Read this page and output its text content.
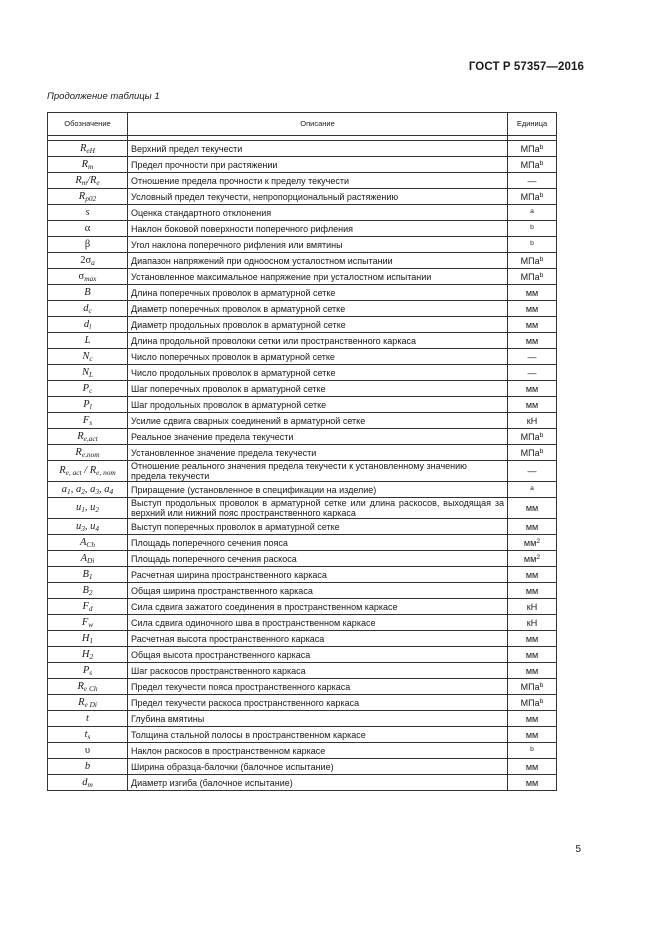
ГОСТ Р 57357—2016
Продолжение таблицы 1
Обозначение	Описание	Единица

$R_{eH}$	Верхний предел текучести	МПа$^b$
$R_m$	Предел прочности при растяжении	МПа$^b$
$R_m/R_e$	Отношение предела прочности к пределу текучести	—
$R_{p02}$	Условный предел текучести, непропорциональный растяжению	МПа$^b$
s	Оценка стандартного отклонения	$^a$
α	Наклон боковой поверхности поперечного рифления	$^b$
β	Угол наклона поперечного рифления или вмятины	$^b$
$2\sigma_a$	Диапазон напряжений при одноосном усталостном испытании	МПа$^b$
$\sigma_{max}$	Установленное максимальное напряжение при усталостном испытании	МПа$^b$
B	Длина поперечных проволок в арматурной сетке	мм
$d_c$	Диаметр поперечных проволок в арматурной сетке	мм
$d_l$	Диаметр продольных проволок в арматурной сетке	мм
L	Длина продольной проволоки сетки или пространственного каркаса	мм
$N_c$	Число поперечных проволок в арматурной сетке	—
$N_L$	Число продольных проволок в арматурной сетке	—
$P_c$	Шаг поперечных проволок в арматурной сетке	мм
$P_l$	Шаг продольных проволок в арматурной сетке	мм
$F_s$	Усилие сдвига сварных соединений в арматурной сетке	кН
$R_{e,act}$	Реальное значение предела текучести	МПа$^b$
$R_{e,nom}$	Установленное значение предела текучести	МПа$^b$
$R_{e, act} / R_{e, nom}$	Отношение реального значения предела текучести к установленному значению предела текучести	—
$a_1$, $a_2$, $a_3$, $a_4$	Приращение (установленное в спецификации на изделие)	$^a$
$u_1$, $u_2$	Выступ продольных проволок в арматурной сетке или длина раскосов, выходящая за верхний или нижний пояс пространственного каркаса	мм
$u_3$, $u_4$	Выступ поперечных проволок в арматурной сетке	мм
$A_{Ch}$	Площадь поперечного сечения пояса	$мм^2$
$A_{Di}$	Площадь поперечного сечения раскоса	$мм^2$
$B_1$	Расчетная ширина пространственного каркаса	мм
$B_2$	Общая ширина пространственного каркаса	мм
$F_d$	Сила сдвига зажатого соединения в пространственном каркасе	кН
$F_w$	Сила сдвига одиночного шва в пространственном каркасе	кН
$H_1$	Расчетная высота пространственного каркаса	мм
$H_2$	Общая высота пространственного каркаса	мм
$P_s$	Шаг раскосов пространственного каркаса	мм
$R_{e Ch}$	Предел текучести пояса пространственного каркаса	МПа$^b$
$R_{e Di}$	Предел текучести раскоса пространственного каркаса	МПа$^b$
t	Глубина вмятины	мм
$t_s$	Толщина стальной полосы в пространственном каркасе	мм
υ	Наклон раскосов в пространственном каркасе	$^b$
b	Ширина образца-балочки (балочное испытание)	мм
$d_m$	Диаметр изгиба (балочное испытание)	мм
5
